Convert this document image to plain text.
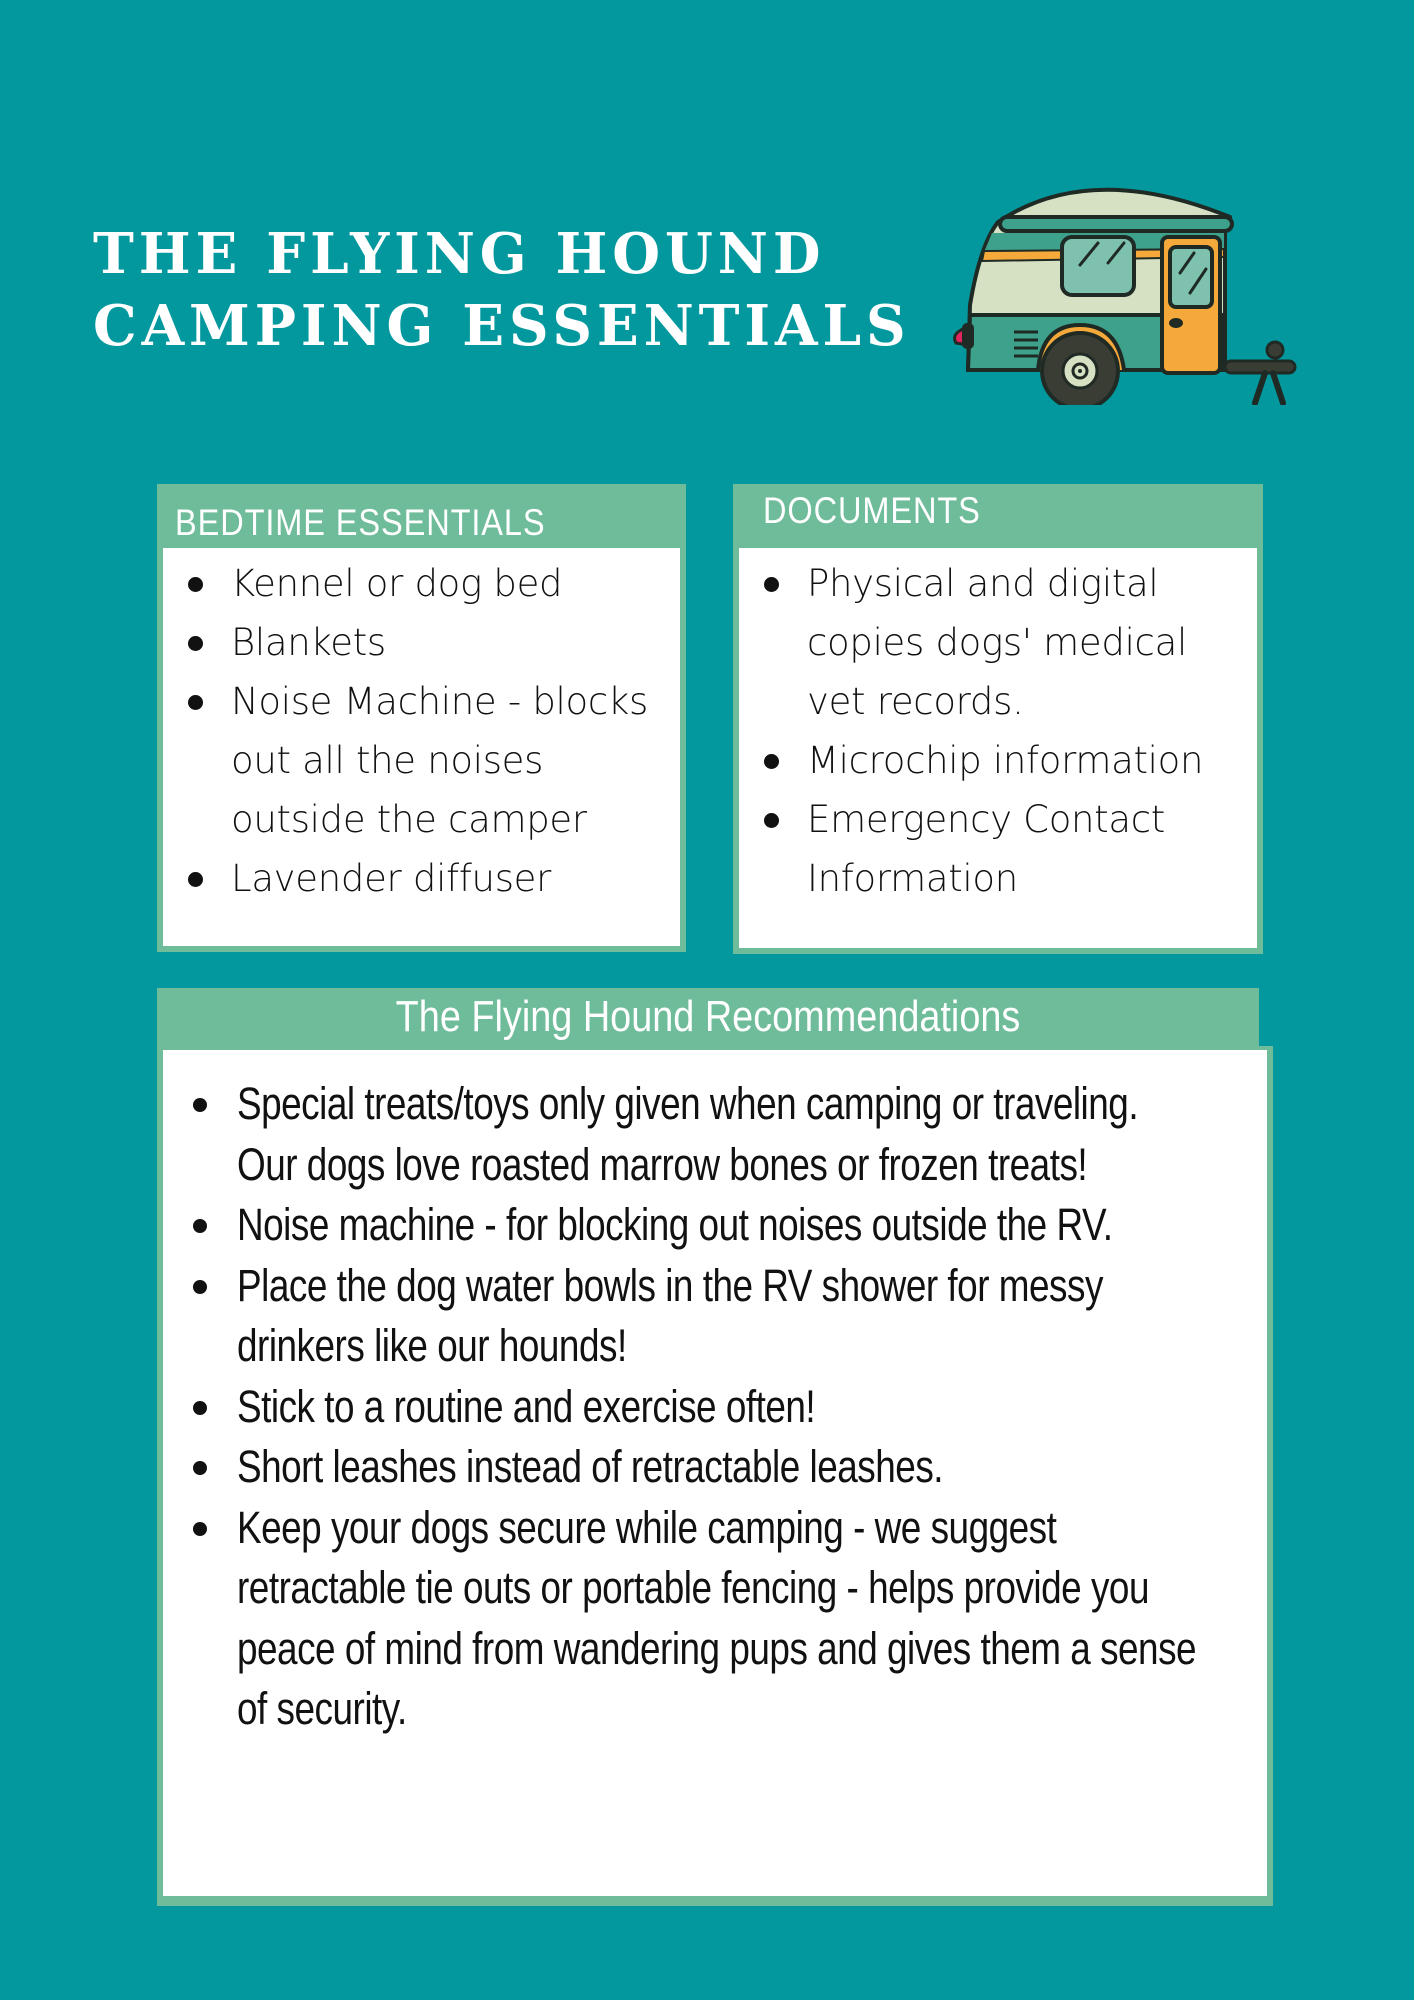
THE FLYING HOUND
CAMPING ESSENTIALS
BEDTIME ESSENTIALS
Kennel or dog bed
Blankets
Noise Machine - blocks out all the noises outside the camper
Lavender diffuser
DOCUMENTS
Physical and digital copies dogs' medical vet records.
Microchip information
Emergency Contact Information
The Flying Hound Recommendations
Special treats/toys only given when camping or traveling. Our dogs love roasted marrow bones or frozen treats!
Noise machine - for blocking out noises outside the RV.
Place the dog water bowls in the RV shower for messy drinkers like our hounds!
Stick to a routine and exercise often!
Short leashes instead of retractable leashes.
Keep your dogs secure while camping - we suggest retractable tie outs or portable fencing - helps provide you peace of mind from wandering pups and gives them a sense of security.
